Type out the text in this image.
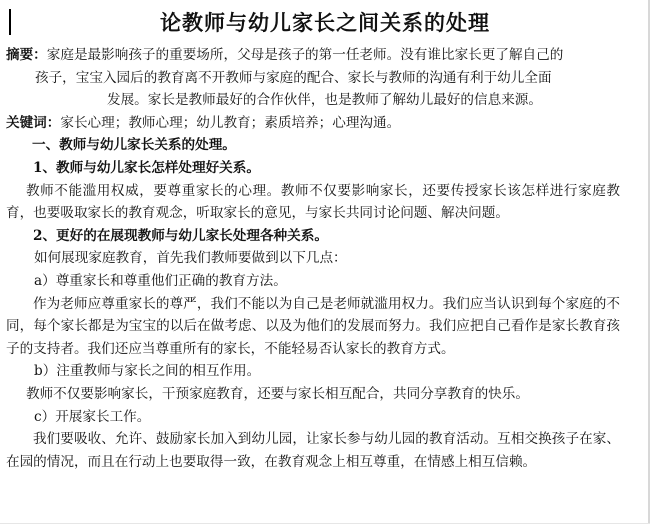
论教师与幼儿家长之间关系的处理

摘要：家庭是最影响孩子的重要场所，父母是孩子的第一任老师。没有谁比家长更了解自己的
孩子，宝宝入园后的教育离不开教师与家庭的配合、家长与教师的沟通有利于幼儿全面
发展。家长是教师最好的合作伙伴，也是教师了解幼儿最好的信息来源。

关键词：家长心理；教师心理；幼儿教育；素质培养；心理沟通。

一、教师与幼儿家长关系的处理。

1、教师与幼儿家长怎样处理好关系。

教师不能滥用权威，要尊重家长的心理。教师不仅要影响家长，还要传授家长该怎样进行家庭教育，也要吸取家长的教育观念，听取家长的意见，与家长共同讨论问题、解决问题。

2、更好的在展现教师与幼儿家长处理各种关系。

如何展现家庭教育，首先我们教师要做到以下几点：

a）尊重家长和尊重他们正确的教育方法。

作为老师应尊重家长的尊严，我们不能以为自己是老师就滥用权力。我们应当认识到每个家庭的不同，每个家长都是为宝宝的以后在做考虑、以及为他们的发展而努力。我们应把自己看作是家长教育孩子的支持者。我们还应当尊重所有的家长，不能轻易否认家长的教育方式。

b）注重教师与家长之间的相互作用。

教师不仅要影响家长，干预家庭教育，还要与家长相互配合，共同分享教育的快乐。

c）开展家长工作。

我们要吸收、允许、鼓励家长加入到幼儿园，让家长参与幼儿园的教育活动。互相交换孩子在家、在园的情况，而且在行动上也要取得一致，在教育观念上相互尊重，在情感上相互信赖。
